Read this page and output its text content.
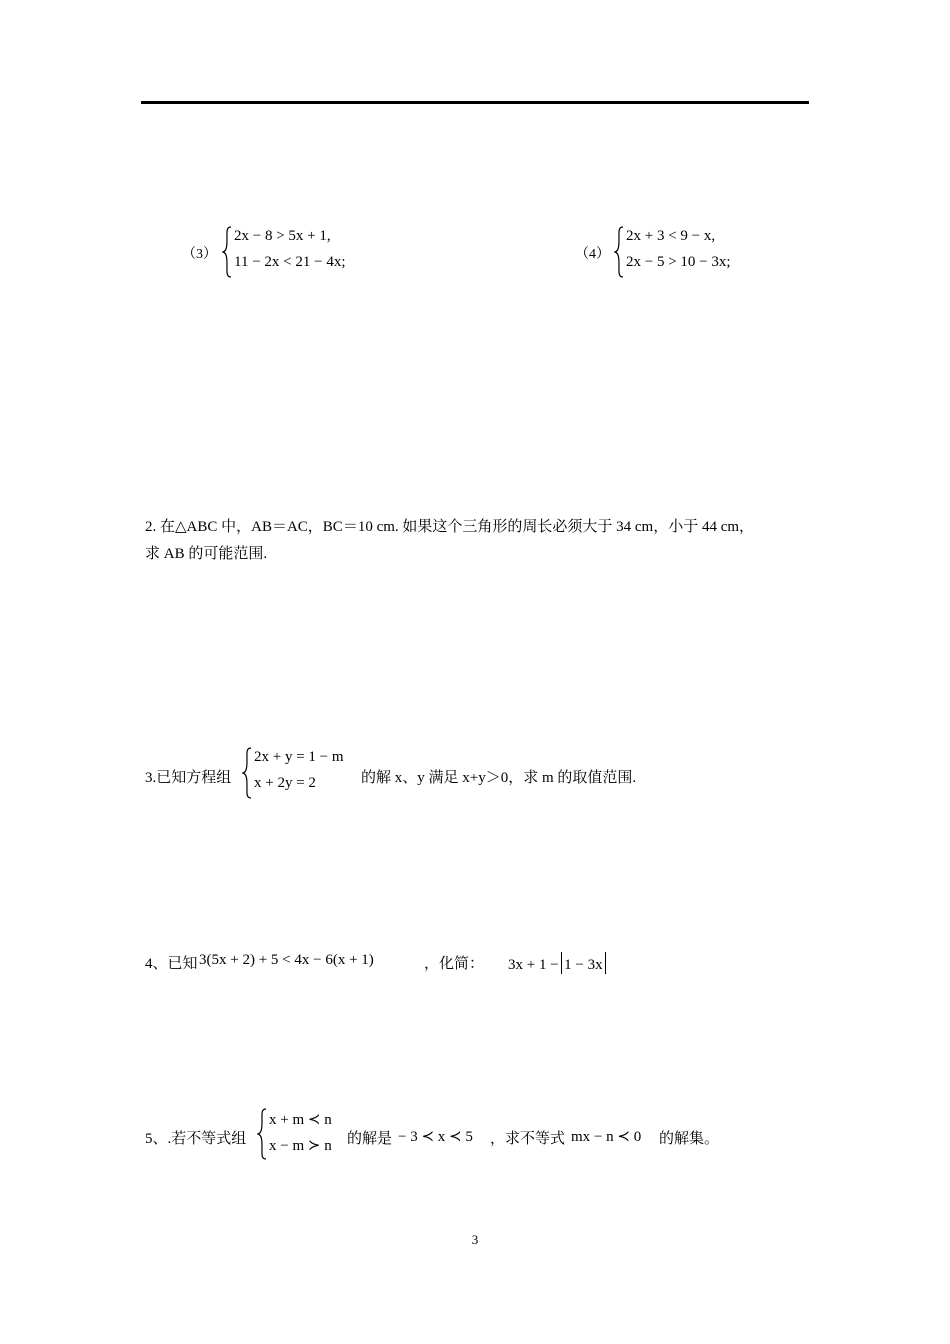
（3）
2x − 8 > 5x + 1,
11 − 2x < 21 − 4x;	（4）
2x + 3 < 9 − x,
2x − 5 > 10 − 3x;
2. 在△ABC 中，AB＝AC，BC＝10 cm. 如果这个三角形的周长必须大于 34 cm，小于 44 cm，
求 AB 的可能范围.
3.已知方程组
2x + y = 1 − m
x + 2y = 2	的解 x、y 满足 x+y＞0，求 m 的取值范围.
4、已知 3(5x + 2) + 5 < 4x − 6(x + 1)	，化简： 3x + 1 − 1 − 3x
5、.若不等式组
x + m ≺ n
x − m ≻ n 的解是 − 3 ≺ x ≺ 5 ，求不等式 mx − n ≺ 0 的解集。
3
